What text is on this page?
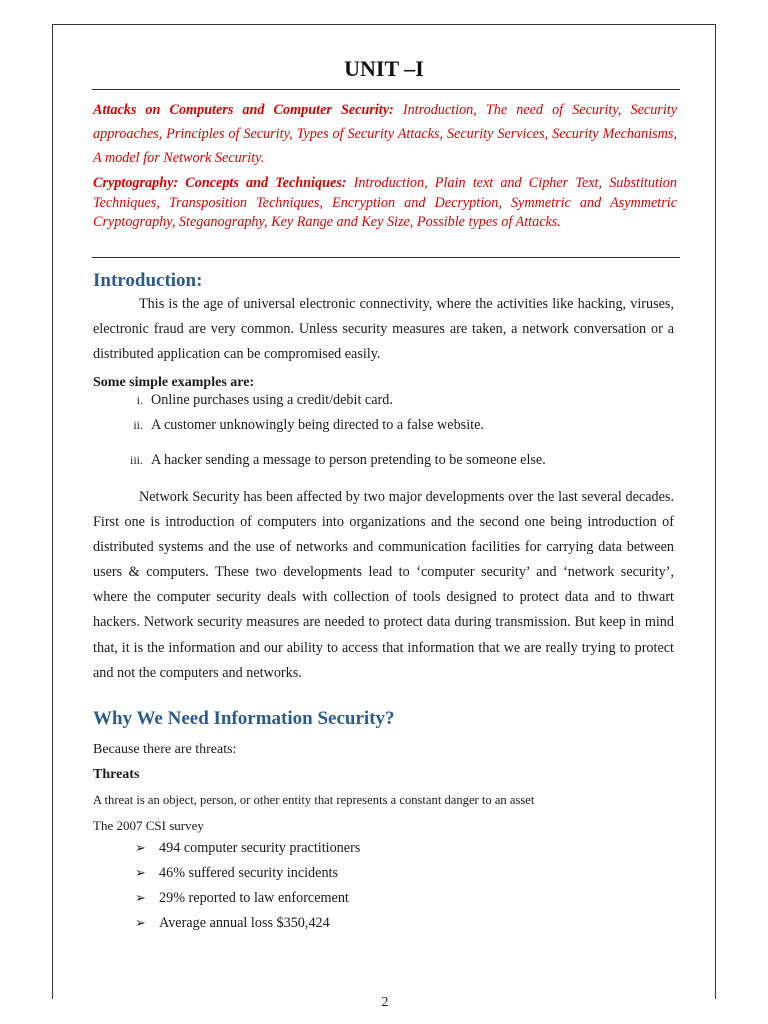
UNIT –I
Attacks on Computers and Computer Security: Introduction, The need of Security, Security approaches, Principles of Security, Types of Security Attacks, Security Services, Security Mechanisms, A model for Network Security.
Cryptography: Concepts and Techniques: Introduction, Plain text and Cipher Text, Substitution Techniques, Transposition Techniques, Encryption and Decryption, Symmetric and Asymmetric Cryptography, Steganography, Key Range and Key Size, Possible types of Attacks.
Introduction:
This is the age of universal electronic connectivity, where the activities like hacking, viruses, electronic fraud are very common. Unless security measures are taken, a network conversation or a distributed application can be compromised easily.
Some simple examples are:
i. Online purchases using a credit/debit card.
ii. A customer unknowingly being directed to a false website.
iii. A hacker sending a message to person pretending to be someone else.
Network Security has been affected by two major developments over the last several decades. First one is introduction of computers into organizations and the second one being introduction of distributed systems and the use of networks and communication facilities for carrying data between users & computers. These two developments lead to ‘computer security’ and ‘network security’, where the computer security deals with collection of tools designed to protect data and to thwart hackers. Network security measures are needed to protect data during transmission. But keep in mind that, it is the information and our ability to access that information that we are really trying to protect and not the computers and networks.
Why We Need Information Security?
Because there are threats:
Threats
A threat is an object, person, or other entity that represents a constant danger to an asset
The 2007 CSI survey
➢ 494 computer security practitioners
➢ 46% suffered security incidents
➢ 29% reported to law enforcement
➢ Average annual loss $350,424
2
